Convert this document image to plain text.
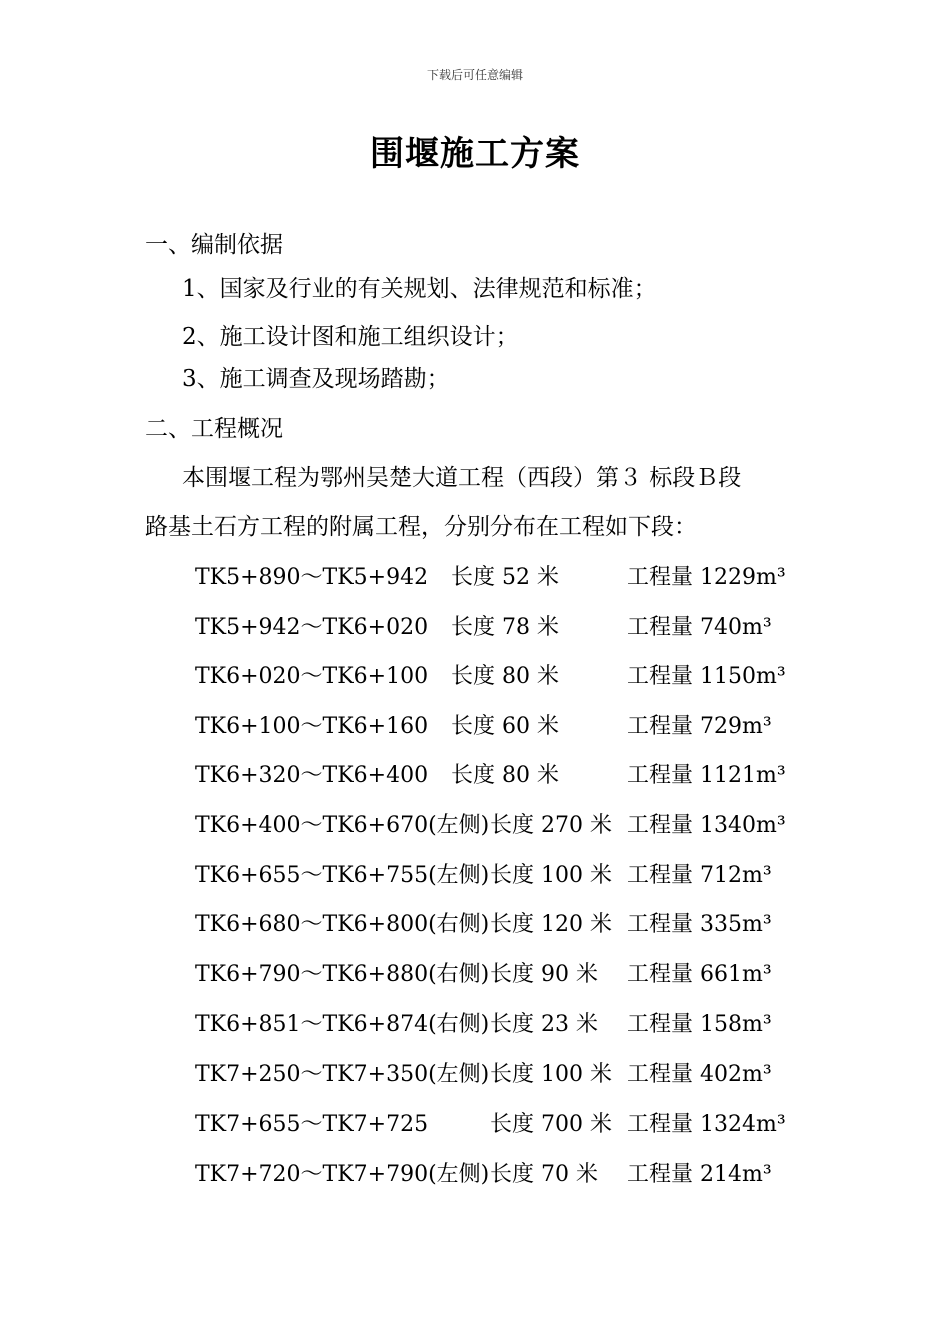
下载后可任意编辑
围堰施工方案
一、编制依据
1、国家及行业的有关规划、法律规范和标准；
2、施工设计图和施工组织设计；
3、施工调查及现场踏勘；
二、工程概况
本围堰工程为鄂州吴楚大道工程（西段）第３ 标段Ｂ段
路基土石方工程的附属工程，分别分布在工程如下段：
TK5+890～TK5+942 长度 52 米	工程量 1229m³
TK5+942～TK6+020 长度 78 米	工程量 740m³
TK6+020～TK6+100 长度 80 米	工程量 1150m³
TK6+100～TK6+160 长度 60 米	工程量 729m³
TK6+320～TK6+400 长度 80 米	工程量 1121m³
TK6+400～TK6+670(左侧) 长度 270 米 工程量 1340m³
TK6+655～TK6+755(左侧) 长度 100 米 工程量 712m³
TK6+680～TK6+800(右侧) 长度 120 米 工程量 335m³
TK6+790～TK6+880(右侧) 长度 90 米 工程量 661m³
TK6+851～TK6+874(右侧) 长度 23 米 工程量 158m³
TK7+250～TK7+350(左侧) 长度 100 米 工程量 402m³
TK7+655～TK7+725	长度 700 米 工程量 1324m³
TK7+720～TK7+790(左侧) 长度 70 米 工程量 214m³
